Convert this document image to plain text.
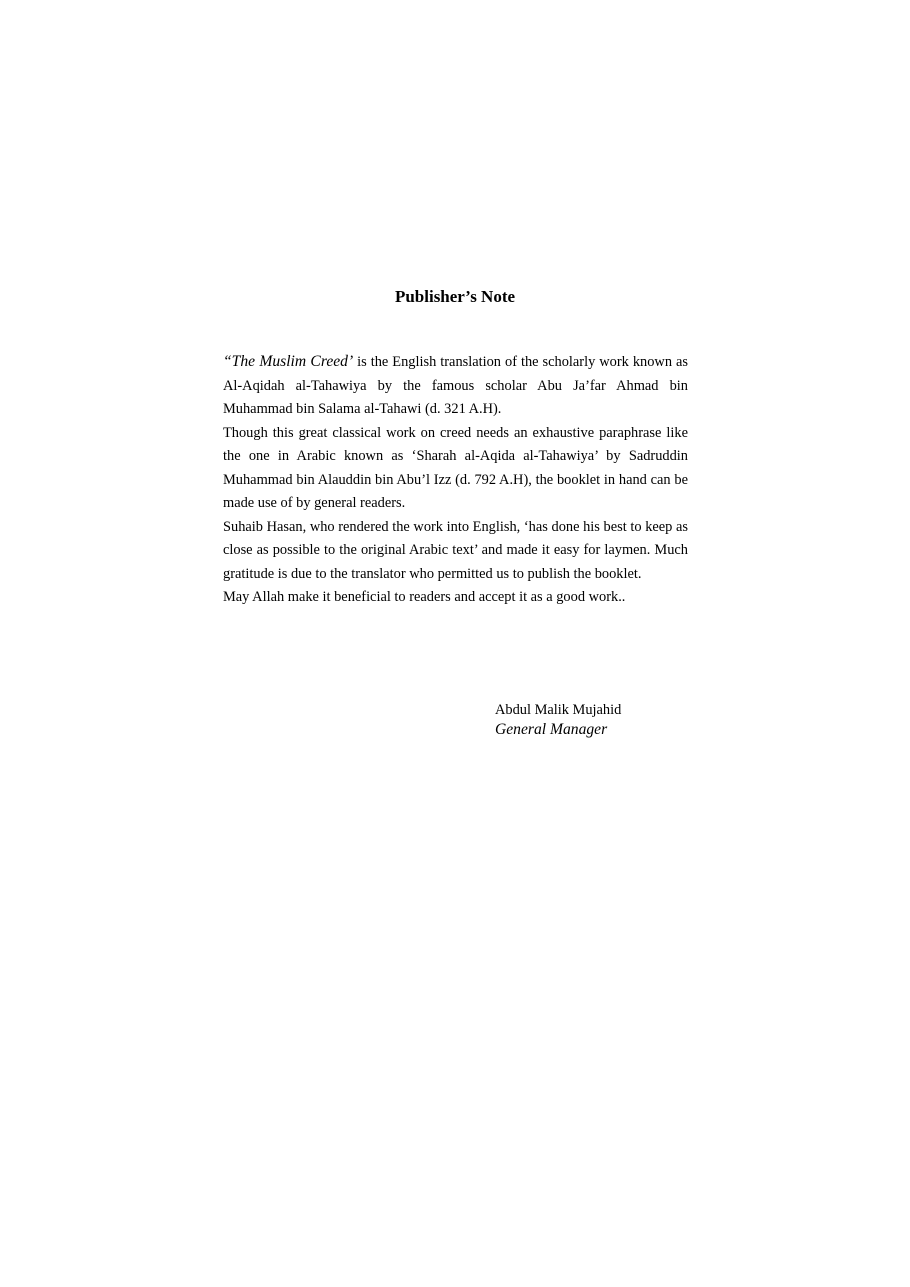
Publisher’s Note

“The Muslim Creed’ is the English translation of the scholarly work known as Al-Aqidah al-Tahawiya by the famous scholar Abu Ja’far Ahmad bin Muhammad bin Salama al-Tahawi (d. 321 A.H).

Though this great classical work on creed needs an exhaustive paraphrase like the one in Arabic known as ‘Sharah al-Aqida al-Tahawiya’ by Sadruddin Muhammad bin Alauddin bin Abu’l Izz (d. 792 A.H), the booklet in hand can be made use of by general readers.

Suhaib Hasan, who rendered the work into English, ‘has done his best to keep as close as possible to the original Arabic text’ and made it easy for laymen. Much gratitude is due to the translator who permitted us to publish the booklet.

May Allah make it beneficial to readers and accept it as a good work..

Abdul Malik Mujahid
General Manager
